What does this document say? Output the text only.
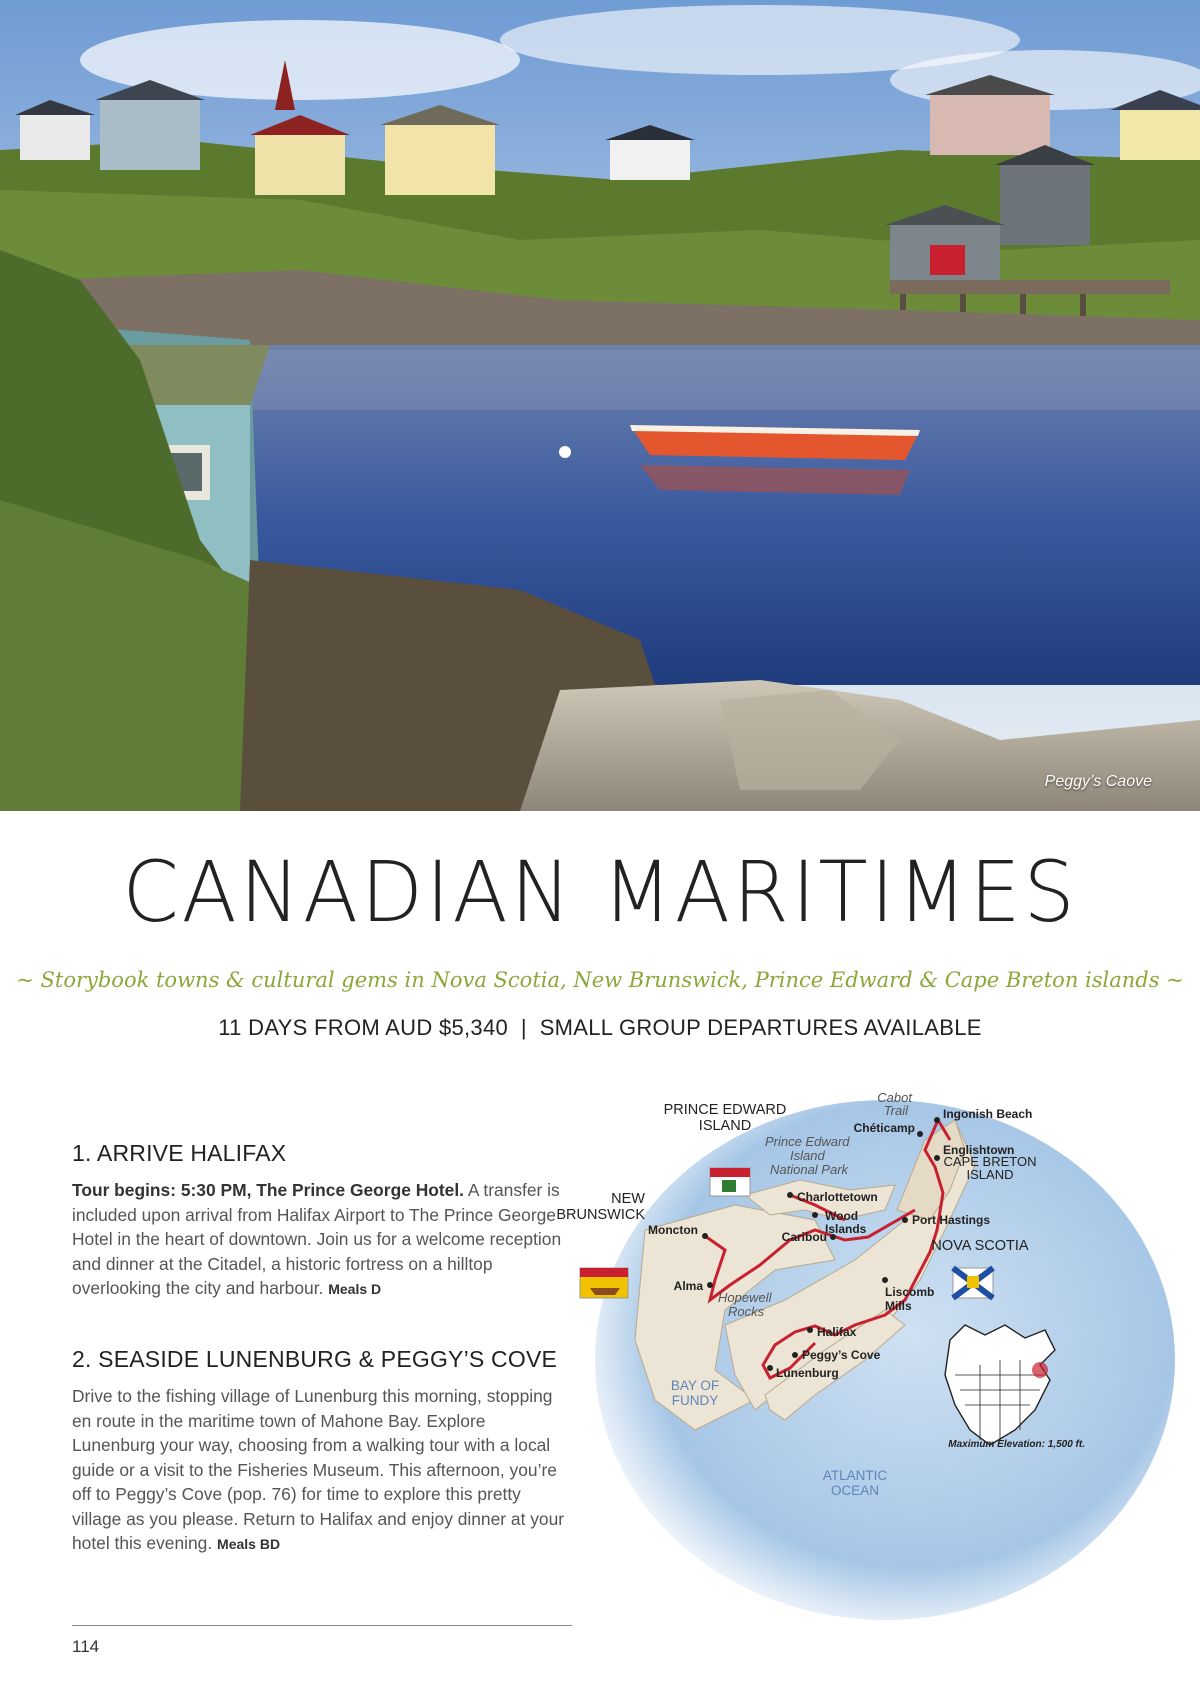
Peggy’s Caove
CANADIAN MARITIMES
~ Storybook towns & cultural gems in Nova Scotia, New Brunswick, Prince Edward & Cape Breton islands ~
11 DAYS FROM AUD $5,340  |  SMALL GROUP DEPARTURES AVAILABLE
1. ARRIVE HALIFAX
Tour begins: 5:30 PM, The Prince George Hotel. A transfer is included upon arrival from Halifax Airport to The Prince George Hotel in the heart of downtown. Join us for a welcome reception and dinner at the Citadel, a historic fortress on a hilltop overlooking the city and harbour. Meals D
2. SEASIDE LUNENBURG & PEGGY’S COVE
Drive to the fishing village of Lunenburg this morning, stopping en route in the maritime town of Mahone Bay. Explore Lunenburg your way, choosing from a walking tour with a local guide or a visit to the Fisheries Museum. This afternoon, you’re off to Peggy’s Cove (pop. 76) for time to explore this pretty village as you please. Return to Halifax and enjoy dinner at your hotel this evening. Meals BD
114
PRINCE EDWARD
ISLAND
NEW
BRUNSWICK
NOVA SCOTIA
CAPE BRETON
ISLAND
BAY OF
FUNDY
ATLANTIC
OCEAN
Cabot
Trail
Prince Edward
Island
National Park
Hopewell
Rocks
Ingonish Beach
Chéticamp
Englishtown
Charlottetown
Wood
Islands
Port Hastings
Moncton	Caribou
Alma	Liscomb
Mills
Halifax
Peggy’s Cove
Lunenburg
Maximum Elevation: 1,500 ft.
